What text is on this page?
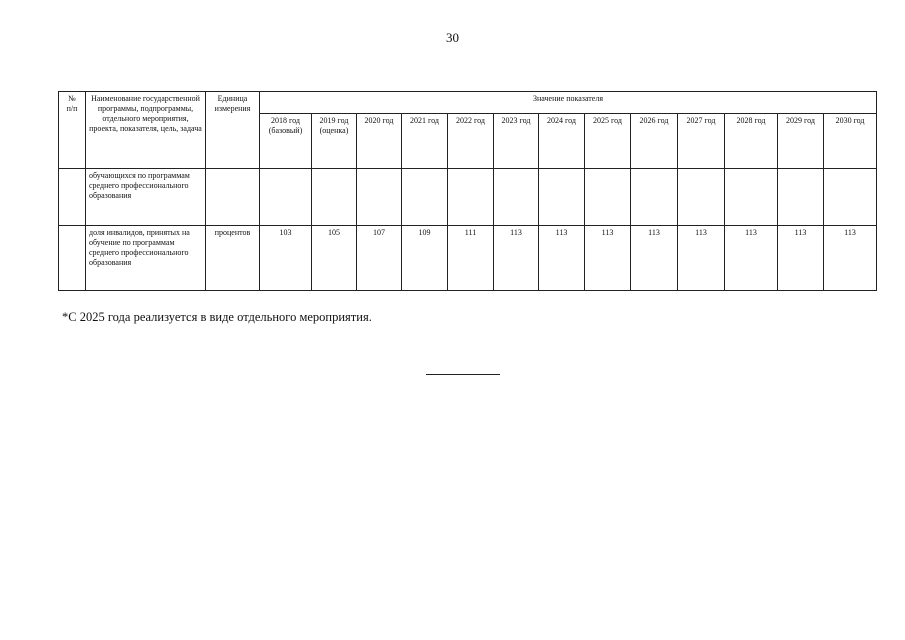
30
№
п/п	Наименование государственной программы, подпрограммы, отдельного мероприятия, проекта, показателя, цель, задача	Единица измерения	Значение показателя												
			2018 год (базовый)	2019 год (оценка)	2020 год	2021 год	2022 год	2023 год	2024 год	2025 год	2026 год	2027 год	2028 год	2029 год	2030 год
	обучающихся по программам среднего профессионального образования														
	доля инвалидов, принятых на обучение по программам среднего профессионального образования	процентов	103	105	107	109	111	113	113	113	113	113	113	113	113
*С 2025 года реализуется в виде отдельного мероприятия.
